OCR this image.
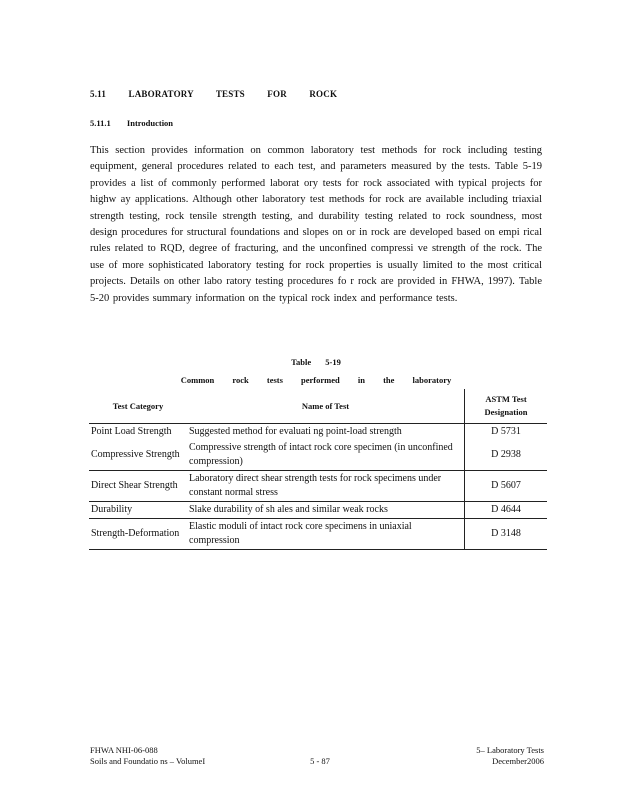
5.11 LABORATORY TESTS FOR ROCK
5.11.1 Introduction

This section provides information on common laboratory test methods for rock including testing equipment, general procedures related to each test, and parameters measured by the tests. Table 5-19 provides a list of commonly performed laborat ory tests for rock associated with typical projects for highw ay applications. Although other laboratory test methods for rock are available including triaxial strength testing, rock tensile strength testing, and durability testing related to rock soundness, most design procedures for structural foundations and slopes on or in rock are developed based on empi rical rules related to RQD, degree of fracturing, and the unconfined compressi ve strength of the rock. The use of more sophisticated laboratory testing for rock properties is usually limited to the most critical projects. Details on other labo ratory testing procedures fo r rock are provided in FHWA, 1997). Table 5-20 provides summary information on the typical rock index and performance tests.

Table 5-19
Common rock tests performed in the laboratory
Test Category	Name of Test	ASTM Test Designation
Point Load Strength	Suggested method for evaluati ng point-load strength	D 5731
Compressive Strength	Compressive strength of intact rock core specimen (in unconfined compression)	D 2938
Direct Shear Strength	Laboratory direct shear strength tests for rock specimens under constant normal stress	D 5607
Durability	Slake durability of sh ales and similar weak rocks	D 4644
Strength-Deformation	Elastic moduli of intact rock core specimens in uniaxial compression	D 3148
FHWA NHI-06-088
Soils and Foundatio ns – VolumeI	5 - 87
5– Laboratory Tests
December2006
